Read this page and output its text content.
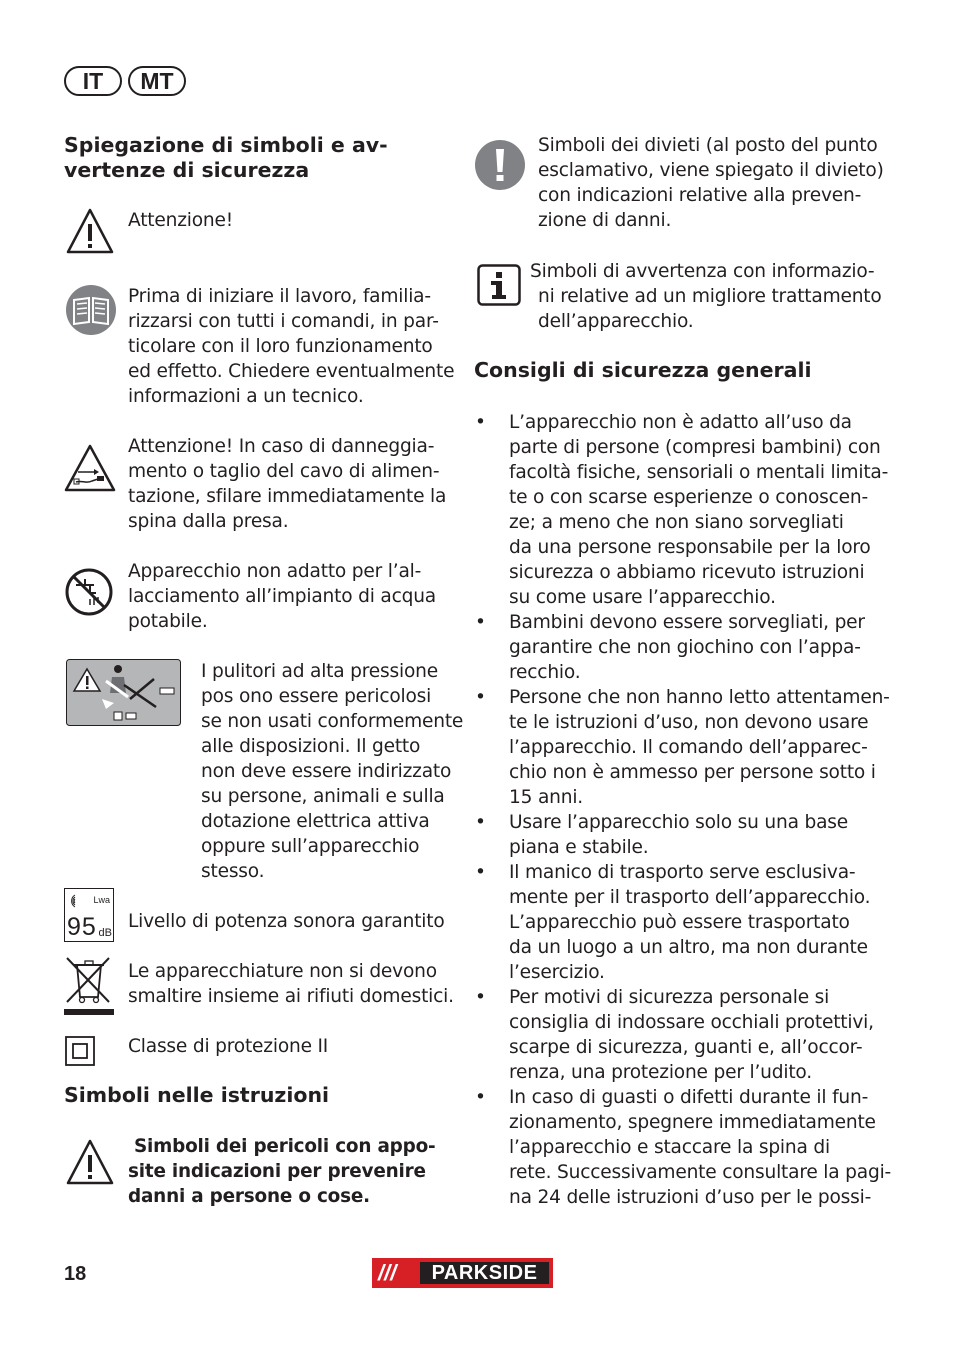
IT	MT
Spiegazione di simboli e av-
vertenze di sicurezza
Attenzione!
Prima di iniziare il lavoro, familia-
rizzarsi con tutti i comandi, in par-
ticolare con il loro funzionamento
ed effetto. Chiedere eventualmente
informazioni a un tecnico.
Attenzione! In caso di danneggia-
mento o taglio del cavo di alimen-
tazione, sfilare immediatamente la
spina dalla presa.
Apparecchio non adatto per l’al-
lacciamento all’impianto di acqua
potabile.
I pulitori ad alta pressione
pos ono essere pericolosi
se non usati conformemente
alle disposizioni. Il getto
non deve essere indirizzato
su persone, animali e sulla
dotazione elettrica attiva
oppure sull’apparecchio
stesso.
Lwa
95 dB
Livello di potenza sonora garantito
Le apparecchiature non si devono
smaltire insieme ai rifiuti domestici.
Classe di protezione II
Simboli nelle istruzioni
Simboli dei pericoli con appo-
site indicazioni per prevenire
danni a persone o cose.
Simboli dei divieti (al posto del punto
esclamativo, viene spiegato il divieto)
con indicazioni relative alla preven-
zione di danni.
Simboli di avvertenza con informazio-
ni relative ad un migliore trattamento
dell’apparecchio.
Consigli di sicurezza generali
• L’apparecchio non è adatto all’uso da
parte di persone (compresi bambini) con
facoltà fisiche, sensoriali o mentali limita-
te o con scarse esperienze o conoscen-
ze; a meno che non siano sorvegliati
da una persone responsabile per la loro
sicurezza o abbiamo ricevuto istruzioni
su come usare l’apparecchio.
• Bambini devono essere sorvegliati, per
garantire che non giochino con l’appa-
recchio.
• Persone che non hanno letto attentamen-
te le istruzioni d’uso, non devono usare
l’apparecchio. Il comando dell’apparec-
chio non è ammesso per persone sotto i
15 anni.
• Usare l’apparecchio solo su una base
piana e stabile.
• Il manico di trasporto serve esclusiva-
mente per il trasporto dell’apparecchio.
L’apparecchio può essere trasportato
da un luogo a un altro, ma non durante
l’esercizio.
• Per motivi di sicurezza personale si
consiglia di indossare occhiali protettivi,
scarpe di sicurezza, guanti e, all’occor-
renza, una protezione per l’udito.
• In caso di guasti o difetti durante il fun-
zionamento, spegnere immediatamente
l’apparecchio e staccare la spina di
rete. Successivamente consultare la pagi-
na 24 delle istruzioni d’uso per le possi-
18	///	PARKSIDE
